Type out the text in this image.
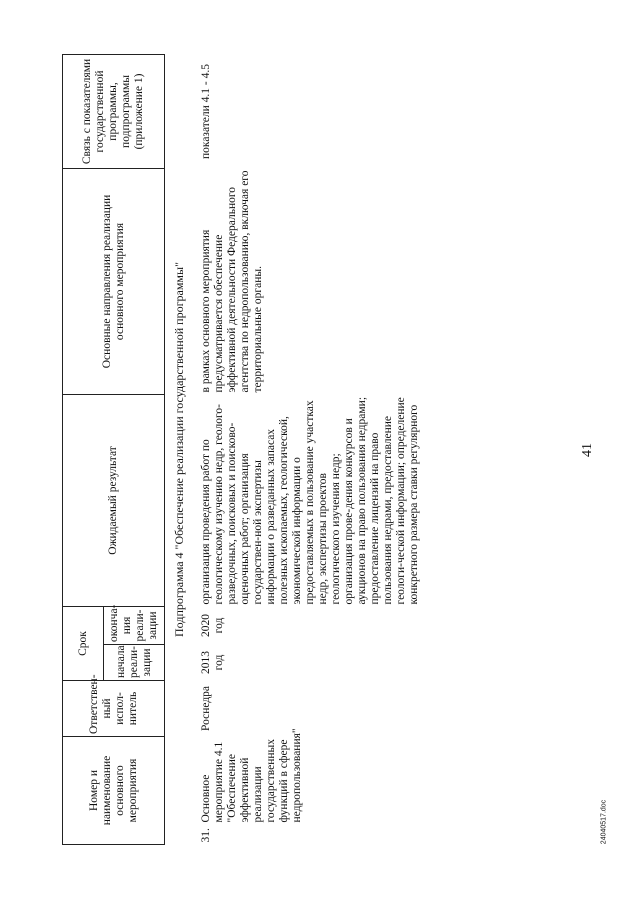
41
Номер и наименование основного мероприятия	Ответствен-ный испол-нитель	Срок		Ожидаемый результат	Основные направления реализации основного мероприятия	Связь с показателями государственной программы, подпрограммы (приложение 1)
		начала реали-зации	оконча-ния реали-зации			
Подпрограмма 4 "Обеспечение реализации государственной программы"						
31.
Основное мероприятие 4.1 "Обеспечение эффективной реализации государственных функций в сфере недропользования"	Роснедра	2013 год	2020 год	организация проведения работ по геологическому изучению недр, геолого-разведочных, поисковых и поисково-оценочных работ; организация государствен-ной экспертизы информации о разведанных запасах полезных ископаемых, геологической, экономической информации о предоставляемых в пользование участках недр, экспертизы проектов геологического изучения недр; организация прове-дения конкурсов и аукционов на право пользования недрами; предоставление лицензий на право пользования недрами, предоставление геологи-ческой информации; определение конкретного размера ставки регулярного	в рамках основного мероприятия предусматривается обеспечение эффективной деятельности Федерального агентства по недропользованию, включая его территориальные органы.	показатели 4.1 - 4.5
24040517.doc
